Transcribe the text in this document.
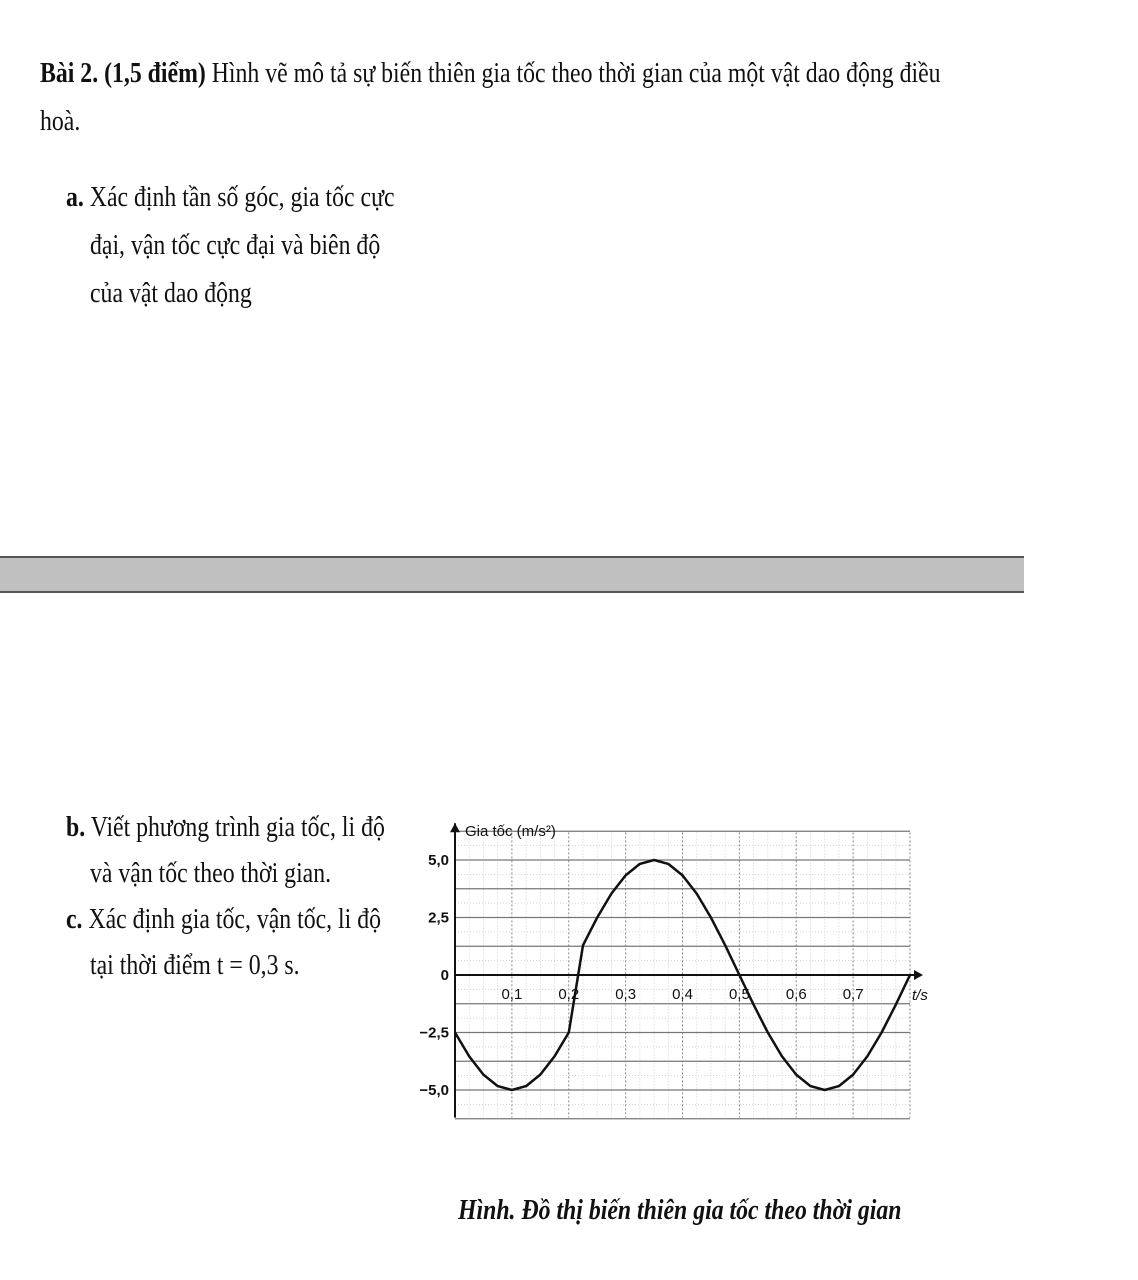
Bài 2. (1,5 điểm) Hình vẽ mô tả sự biến thiên gia tốc theo thời gian của một vật dao động điều
hoà.
a. Xác định tần số góc, gia tốc cực
đại, vận tốc cực đại và biên độ
của vật dao động
b. Viết phương trình gia tốc, li độ
và vận tốc theo thời gian.
c. Xác định gia tốc, vận tốc, li độ
tại thời điểm t = 0,3 s.
5,0
2,5
0
−2,5
−5,0
0,1 0,2 0,3 0,4 0,5 0,6 0,7	t/s
Gia tốc (m/s²)
Hình. Đồ thị biến thiên gia tốc theo thời gian
